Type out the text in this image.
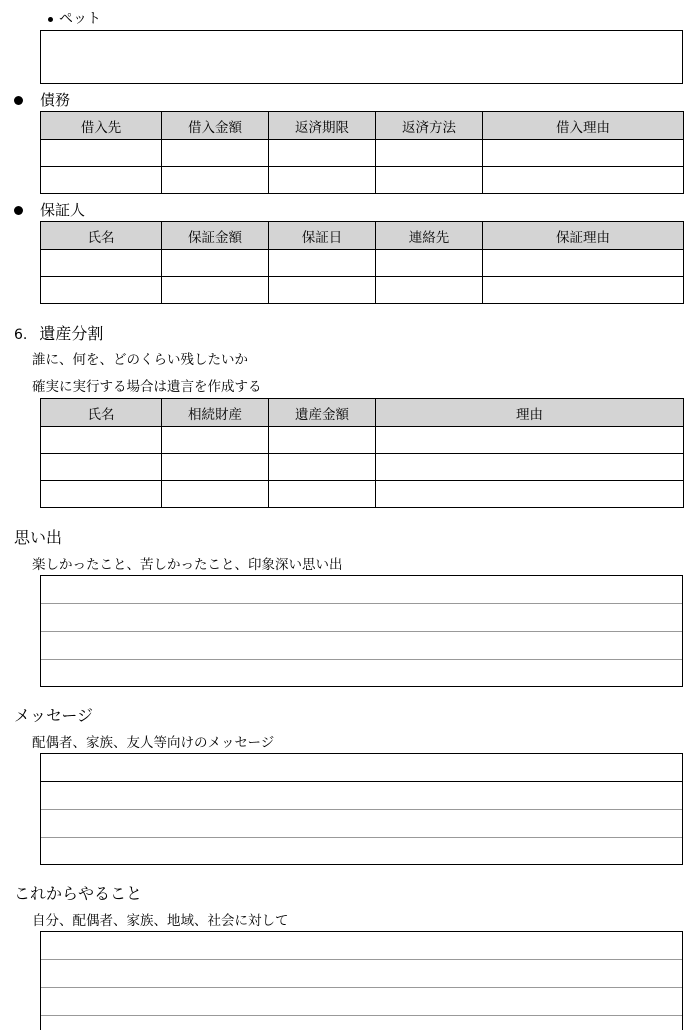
ペット
債務
借入先	借入金額	返済期限	返済方法	借入理由

保証人
氏名	保証金額	保証日	連絡先	保証理由

6. 遺産分割
誰に、何を、どのくらい残したいか
確実に実行する場合は遺言を作成する
氏名	相続財産	遺産金額	理由

思い出
楽しかったこと、苦しかったこと、印象深い思い出
メッセージ
配偶者、家族、友人等向けのメッセージ
これからやること
自分、配偶者、家族、地域、社会に対して
